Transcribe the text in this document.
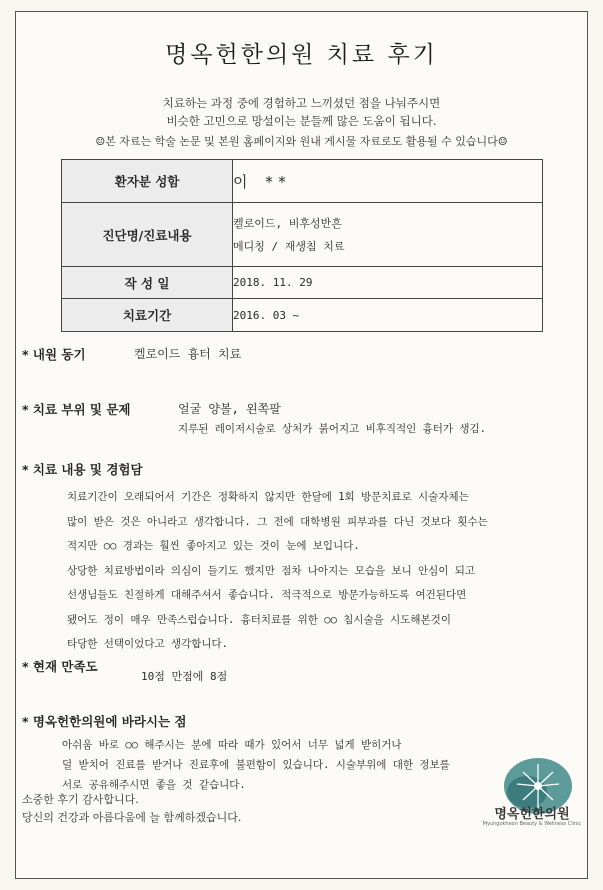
명옥헌한의원 치료 후기
치료하는 과정 중에 경험하고 느끼셨던 점을 나눠주시면
비슷한 고민으로 망설이는 분들께 많은 도움이 됩니다.
☺본 자료는 학술 논문 및 본원 홈페이지와 원내 게시물 자료로도 활용될 수 있습니다☺
환자분 성함	이 **
진단명/진료내용	켈로이드, 비후성반흔
메디칭 / 재생침 치료

작 성 일	2018. 11. 29
치료기간	2016. 03 ~
* 내원 동기	켈로이드 흉터 치료
* 치료 부위 및 문제	얼굴 양볼, 왼쪽팔
지루된 레이저시술로 상처가 붉어지고 비후직적인 흉터가 생김.
* 치료 내용 및 경험담
치료기간이 오래되어서 기간은 정확하지 않지만 한달에 1회 방문치료로 시술자체는
많이 받은 것은 아니라고 생각합니다. 그 전에 대학병원 피부과를 다닌 것보다 횟수는
적지만 ○○ 경과는 훨씬 좋아지고 있는 것이 눈에 보입니다.
상당한 치료방법이라 의심이 들기도 했지만 점차 나아지는 모습을 보니 안심이 되고
선생님들도 친절하게 대해주셔서 좋습니다. 적극적으로 방문가능하도록 여건된다면
됐어도 정이 매우 만족스럽습니다. 흉터치료를 위한 ○○ 침시술을 시도해본것이
타당한 선택이었다고 생각합니다.
* 현재 만족도
10점 만점에 8점
* 명옥헌한의원에 바라시는 점
아쉬움 바로 ○○ 해주시는 분에 따라 때가 있어서 너무 넓게 받히거나
덜 받치어 진료를 받거나 진료후에 불편함이 있습니다. 시술부위에 대한 정보를
서로 공유해주시면 좋을 것 같습니다.
소중한 후기 감사합니다.
당신의 건강과 아름다움에 늘 함께하겠습니다.	명옥헌한의원
Myungokheon Beauty & Wellness Clinic
